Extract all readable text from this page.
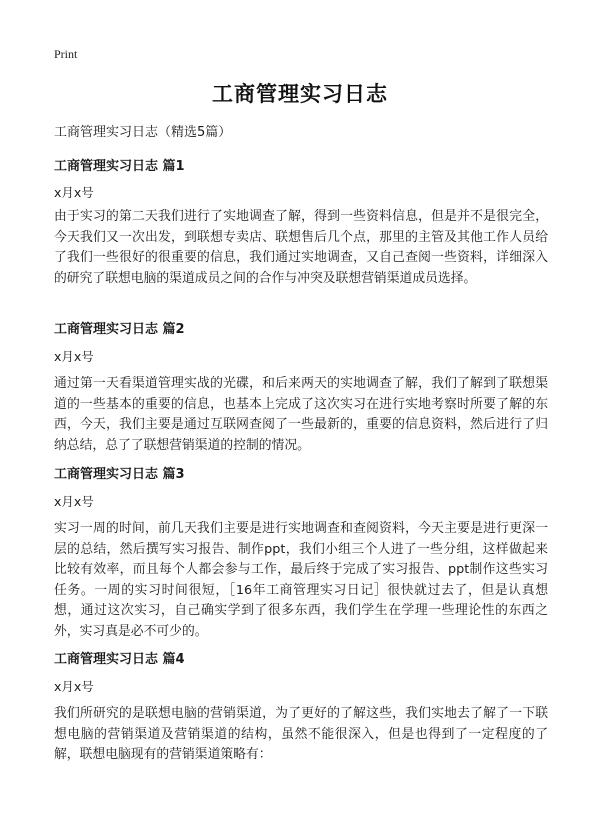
Print
工商管理实习日志
工商管理实习日志（精选5篇）
工商管理实习日志 篇1
x月x号
由于实习的第二天我们进行了实地调查了解，得到一些资料信息，但是并不是很完全，今天我们又一次出发，到联想专卖店、联想售后几个点，那里的主管及其他工作人员给了我们一些很好的很重要的信息，我们通过实地调查，又自己查阅一些资料，详细深入的研究了联想电脑的渠道成员之间的合作与冲突及联想营销渠道成员选择。
工商管理实习日志 篇2
x月x号
通过第一天看渠道管理实战的光碟，和后来两天的实地调查了解，我们了解到了联想渠道的一些基本的重要的信息，也基本上完成了这次实习在进行实地考察时所要了解的东西，今天，我们主要是通过互联网查阅了一些最新的，重要的信息资料，然后进行了归纳总结，总了了联想营销渠道的控制的情况。
工商管理实习日志 篇3
x月x号
实习一周的时间，前几天我们主要是进行实地调查和查阅资料，今天主要是进行更深一层的总结，然后撰写实习报告、制作ppt，我们小组三个人进了一些分组，这样做起来比较有效率，而且每个人都会参与工作，最后终于完成了实习报告、ppt制作这些实习任务。一周的实习时间很短，［16年工商管理实习日记］很快就过去了，但是认真想想，通过这次实习，自己确实学到了很多东西，我们学生在学理一些理论性的东西之外，实习真是必不可少的。
工商管理实习日志 篇4
x月x号
我们所研究的是联想电脑的营销渠道，为了更好的了解这些，我们实地去了解了一下联想电脑的营销渠道及营销渠道的结构，虽然不能很深入，但是也得到了一定程度的了解，联想电脑现有的营销渠道策略有：
